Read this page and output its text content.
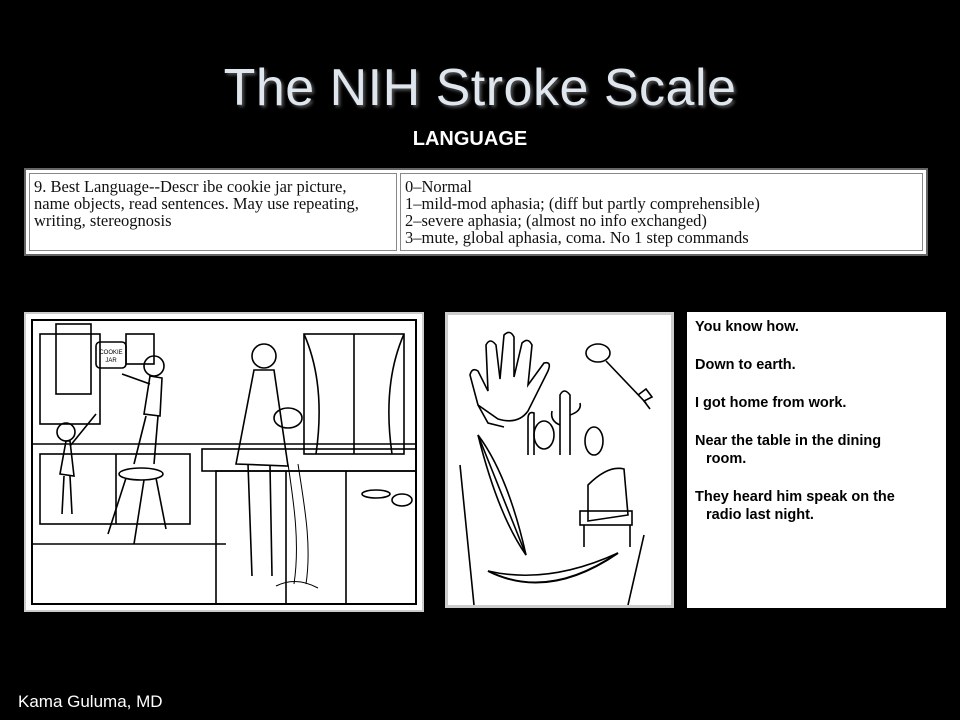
The NIH Stroke Scale
LANGUAGE
9. Best Language--Descr ibe cookie jar picture,
name objects, read sentences. May use repeating,
writing, stereognosis
0–Normal
1–mild-mod aphasia; (diff but partly comprehensible)
2–severe aphasia; (almost no info exchanged)
3–mute, global aphasia, coma. No 1 step commands
COOKIE
JAR
You know how.
Down to earth.
I got home from work.
Near the table in the dining
room.
They heard him speak on the
radio last night.
Kama Guluma, MD
